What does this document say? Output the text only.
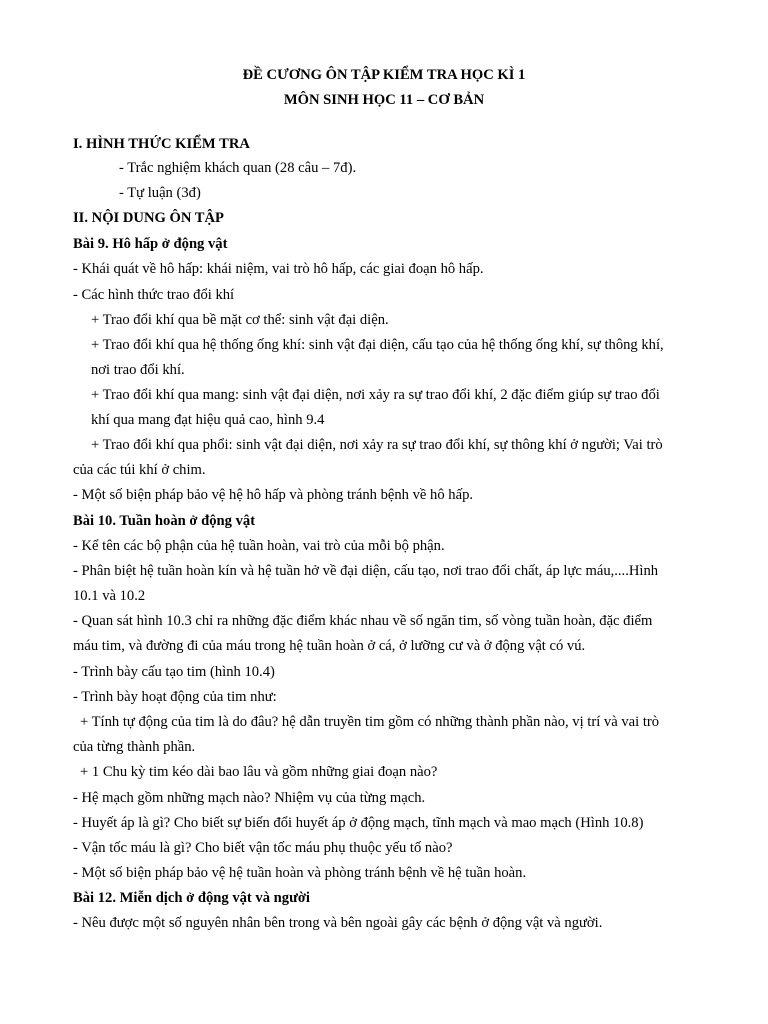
ĐỀ CƯƠNG ÔN TẬP KIỂM TRA HỌC KÌ 1
MÔN SINH HỌC 11 – CƠ BẢN
I. HÌNH THỨC KIỂM TRA
- Trắc nghiệm khách quan (28 câu – 7đ).
- Tự luận (3đ)
II. NỘI DUNG ÔN TẬP
Bài 9. Hô hấp ở động vật
- Khái quát về hô hấp: khái niệm, vai trò hô hấp, các giai đoạn hô hấp.
- Các hình thức trao đổi khí
+ Trao đổi khí qua bề mặt cơ thể: sinh vật đại diện.
+ Trao đổi khí qua hệ thống ống khí: sinh vật đại diện, cấu tạo của hệ thống ống khí, sự thông khí,
nơi trao đổi khí.
+ Trao đổi khí qua mang: sinh vật đại diện, nơi xảy ra sự trao đổi khí, 2 đặc điểm giúp sự trao đổi
khí qua mang đạt hiệu quả cao, hình 9.4
+ Trao đổi khí qua phổi: sinh vật đại diện, nơi xảy ra sự trao đổi khí, sự thông khí ở người; Vai trò
của các túi khí ở chim.
- Một số biện pháp bảo vệ hệ hô hấp và phòng tránh bệnh về hô hấp.
Bài 10. Tuần hoàn ở động vật
- Kể tên các bộ phận của hệ tuần hoàn, vai trò của mỗi bộ phận.
- Phân biệt hệ tuần hoàn kín và hệ tuần hở về đại diện, cấu tạo, nơi trao đổi chất, áp lực máu,....Hình
10.1 và 10.2
- Quan sát hình 10.3 chỉ ra những đặc điểm khác nhau về số ngăn tim, số vòng tuần hoàn, đặc điểm
máu tim, và đường đi của máu trong hệ tuần hoàn ở cá, ở lưỡng cư và ở động vật có vú.
- Trình bày cấu tạo tim (hình 10.4)
- Trình bày hoạt động của tim như:
+ Tính tự động của tim là do đâu? hệ dẫn truyền tim gồm có những thành phần nào, vị trí và vai trò
của từng thành phần.
+ 1 Chu kỳ tim kéo dài bao lâu và gồm những giai đoạn nào?
- Hệ mạch gồm những mạch nào? Nhiệm vụ của từng mạch.
- Huyết áp là gì? Cho biết sự biến đổi huyết áp ở động mạch, tĩnh mạch và mao mạch (Hình 10.8)
- Vận tốc máu là gì? Cho biết vận tốc máu phụ thuộc yếu tố nào?
- Một số biện pháp bảo vệ hệ tuần hoàn và phòng tránh bệnh về hệ tuần hoàn.
Bài 12. Miễn dịch ở động vật và người
- Nêu được một số nguyên nhân bên trong và bên ngoài gây các bệnh ở động vật và người.
